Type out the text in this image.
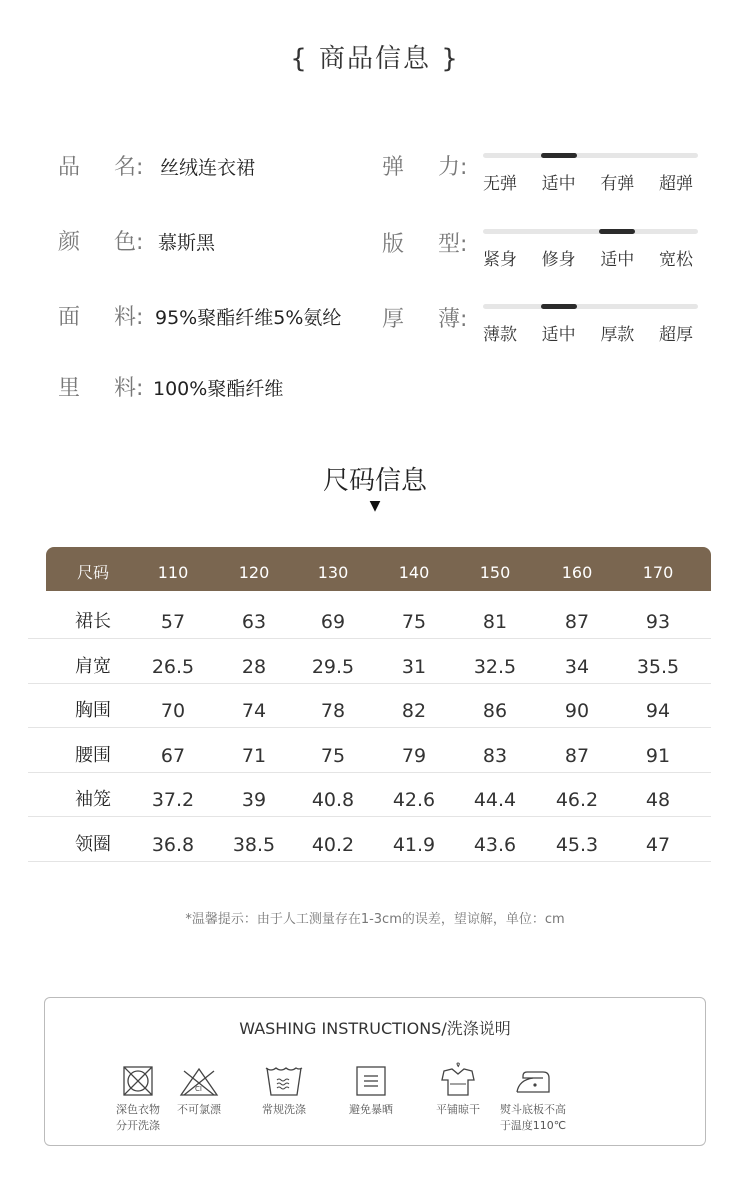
{ 商品信息 }
品 名: 丝绒连衣裙
颜 色: 慕斯黑
面 料: 95%聚酯纤维5%氨纶
里 料: 100%聚酯纤维
弹 力:
无弹	适中	有弹	超弹
版 型:
紧身	修身	适中	宽松
厚 薄:
薄款	适中	厚款	超厚
尺码信息
▼
尺码	110	120	130	140	150	160	170
裙长	57	63	69	75	81	87	93
肩宽	26.5	28	29.5	31	32.5	34	35.5
胸围	70	74	78	82	86	90	94
腰围	67	71	75	79	83	87	91
袖笼	37.2	39	40.8	42.6	44.4	46.2	48
领圈	36.8	38.5	40.2	41.9	43.6	45.3	47
*温馨提示：由于人工测量存在1-3cm的误差，望谅解，单位：cm
WASHING INSTRUCTIONS/洗涤说明
深色衣物
分开洗涤
CI
不可氯漂	常规洗涤	避免暴晒	平铺晾干	熨斗底板不高
于温度110℃
